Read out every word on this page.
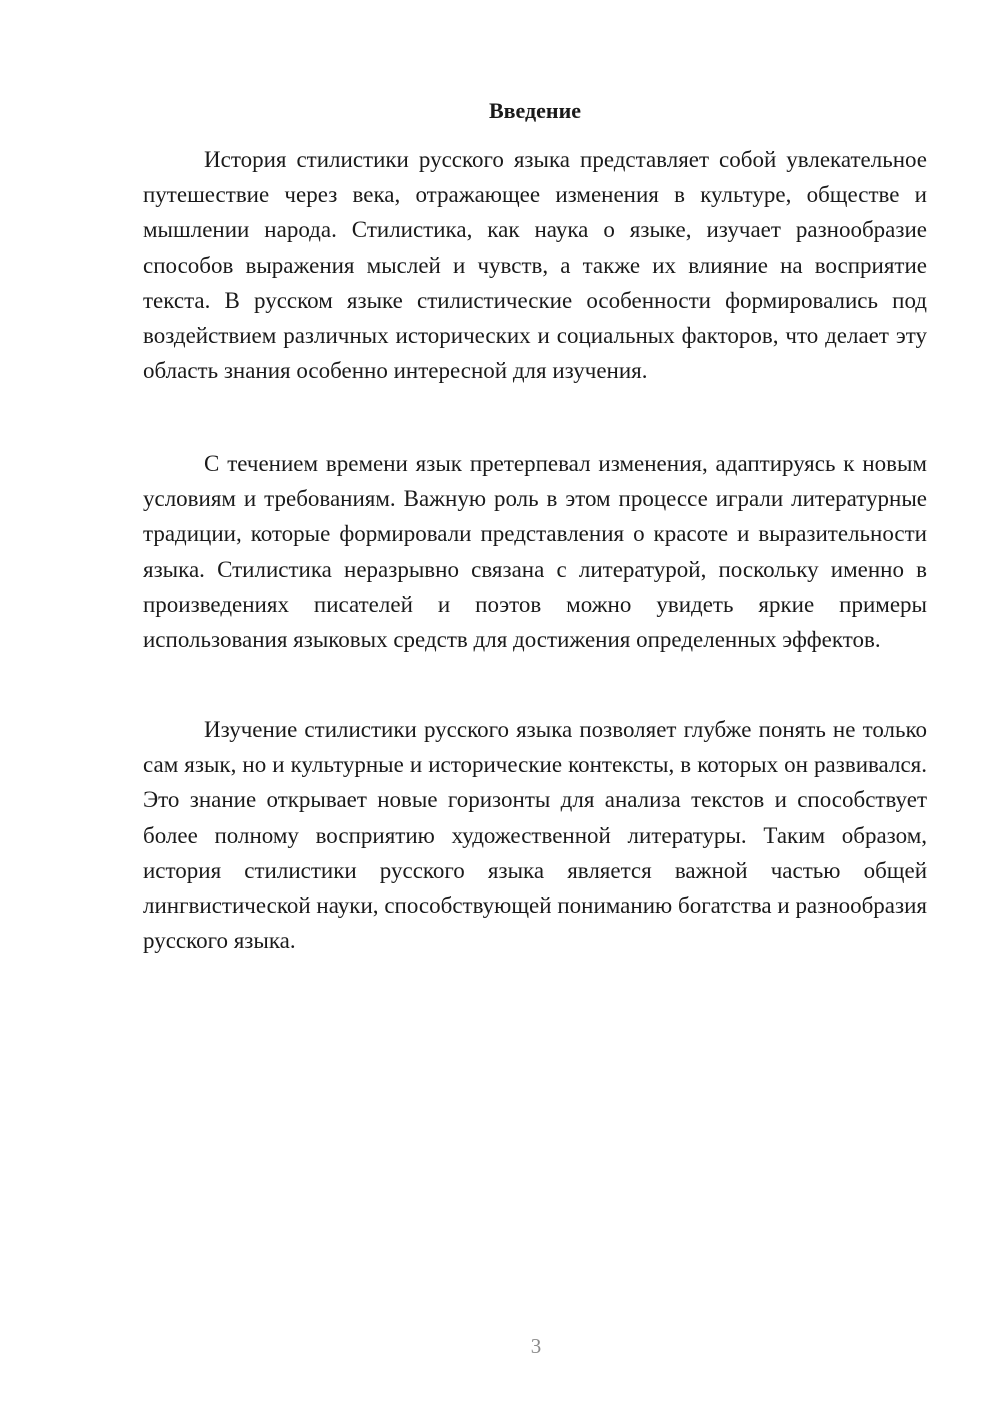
Введение

История стилистики русского языка представляет собой увлекательное путешествие через века, отражающее изменения в культуре, обществе и мышлении народа. Стилистика, как наука о языке, изучает разнообразие способов выражения мыслей и чувств, а также их влияние на восприятие текста. В русском языке стилистические особенности формировались под воздействием различных исторических и социальных факторов, что делает эту область знания особенно интересной для изучения.

С течением времени язык претерпевал изменения, адаптируясь к новым условиям и требованиям. Важную роль в этом процессе играли литературные традиции, которые формировали представления о красоте и выразительности языка. Стилистика неразрывно связана с литературой, поскольку именно в произведениях писателей и поэтов можно увидеть яркие примеры использования языковых средств для достижения определенных эффектов.

Изучение стилистики русского языка позволяет глубже понять не только сам язык, но и культурные и исторические контексты, в которых он развивался. Это знание открывает новые горизонты для анализа текстов и способствует более полному восприятию художественной литературы. Таким образом, история стилистики русского языка является важной частью общей лингвистической науки, способствующей пониманию богатства и разнообразия русского языка.

3
